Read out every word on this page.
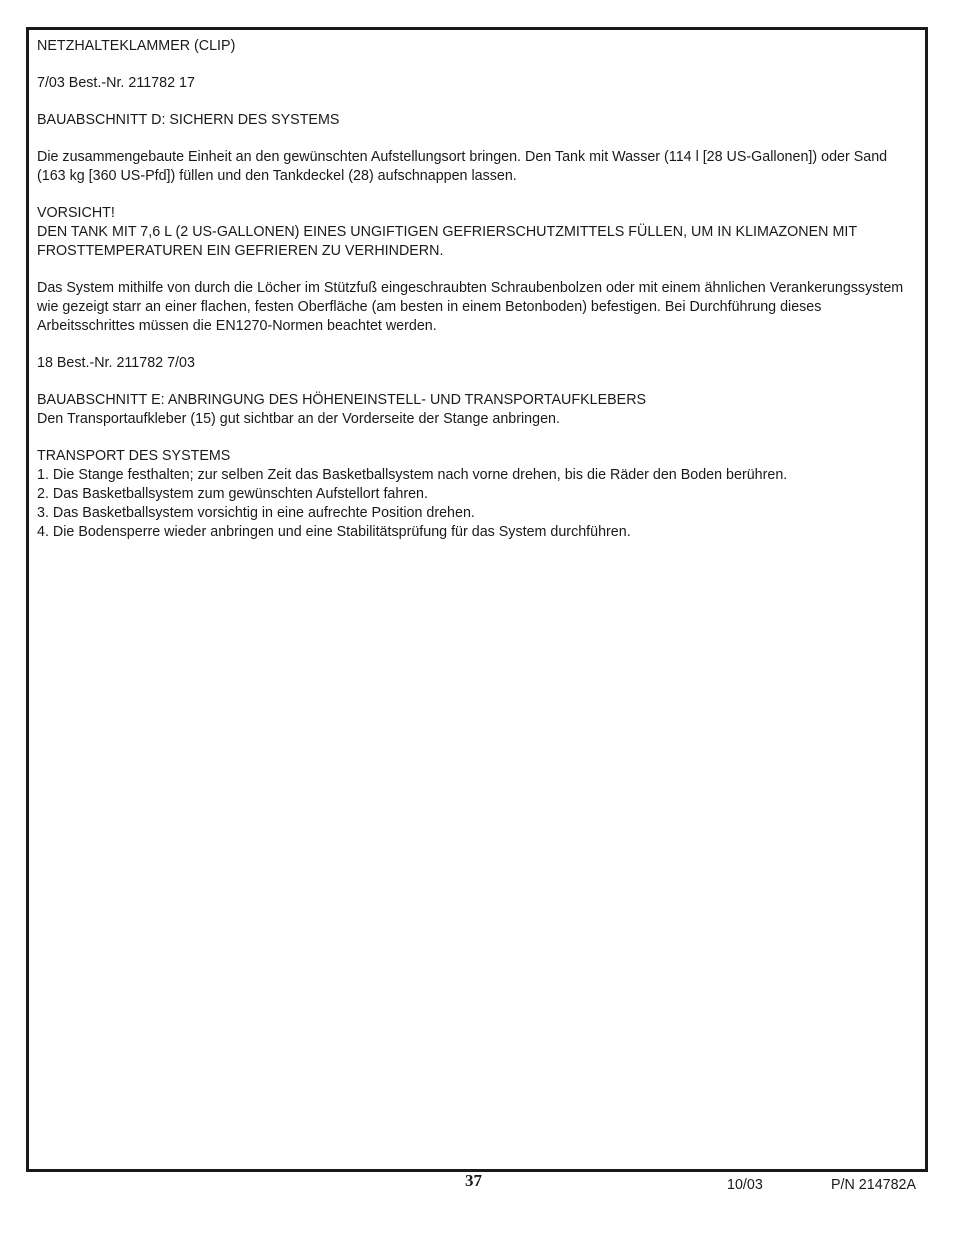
NETZHALTEKLAMMER (CLIP)

7/03 Best.-Nr. 211782 17

BAUABSCHNITT D: SICHERN DES SYSTEMS

Die zusammengebaute Einheit an den gewünschten Aufstellungsort bringen. Den Tank mit Wasser (114 l [28 US-Gallonen]) oder Sand (163 kg [360 US-Pfd]) füllen und den Tankdeckel (28) aufschnappen lassen.

VORSICHT!
DEN TANK MIT 7,6 L (2 US-GALLONEN) EINES UNGIFTIGEN GEFRIERSCHUTZMITTELS FÜLLEN, UM IN KLIMAZONEN MIT FROSTTEMPERATUREN EIN GEFRIEREN ZU VERHINDERN.

Das System mithilfe von durch die Löcher im Stützfuß eingeschraubten Schraubenbolzen oder mit einem ähnlichen Verankerungssystem wie gezeigt starr an einer flachen, festen Oberfläche (am besten in einem Betonboden) befestigen. Bei Durchführung dieses Arbeitsschrittes müssen die EN1270-Normen beachtet werden.

18 Best.-Nr. 211782 7/03

BAUABSCHNITT E: ANBRINGUNG DES HÖHENEINSTELL- UND TRANSPORTAUFKLEBERS
Den Transportaufkleber (15) gut sichtbar an der Vorderseite der Stange anbringen.

TRANSPORT DES SYSTEMS
1. Die Stange festhalten; zur selben Zeit das Basketballsystem nach vorne drehen, bis die Räder den Boden berühren.
2. Das Basketballsystem zum gewünschten Aufstellort fahren.
3. Das Basketballsystem vorsichtig in eine aufrechte Position drehen.
4. Die Bodensperre wieder anbringen und eine Stabilitätsprüfung für das System durchführen.

37	10/03	P/N 214782A
